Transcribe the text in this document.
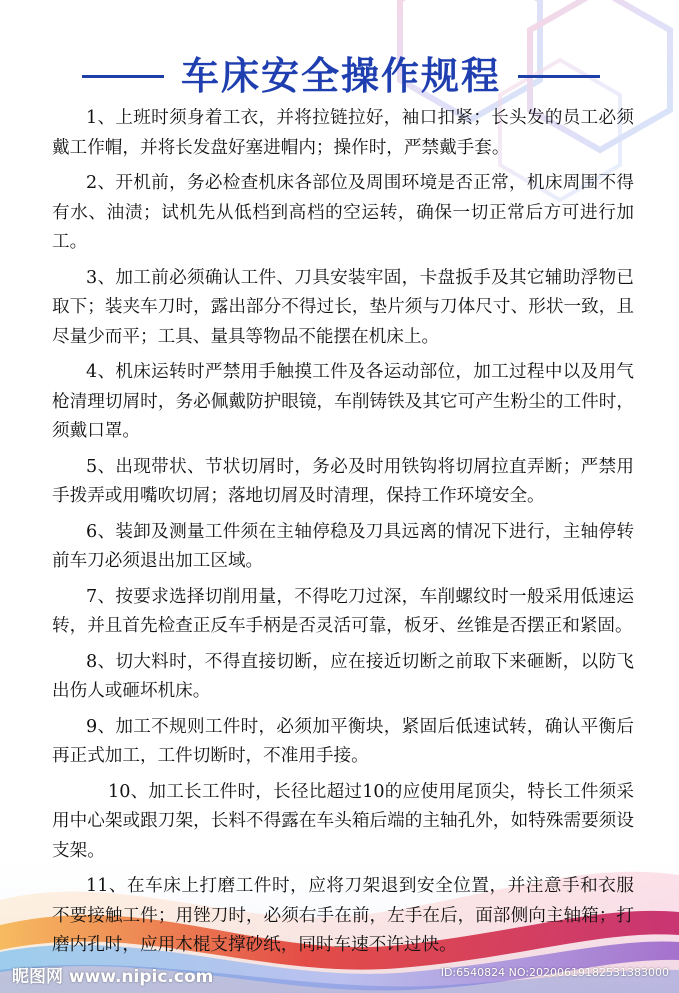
车床安全操作规程

1、上班时须身着工衣，并将拉链拉好，袖口扣紧；长头发的员工必须戴工作帽，并将长发盘好塞进帽内；操作时，严禁戴手套。

2、开机前，务必检查机床各部位及周围环境是否正常，机床周围不得有水、油渍；试机先从低档到高档的空运转，确保一切正常后方可进行加工。

3、加工前必须确认工件、刀具安装牢固，卡盘扳手及其它辅助浮物已取下；装夹车刀时，露出部分不得过长，垫片须与刀体尺寸、形状一致，且尽量少而平；工具、量具等物品不能摆在机床上。

4、机床运转时严禁用手触摸工件及各运动部位，加工过程中以及用气枪清理切屑时，务必佩戴防护眼镜，车削铸铁及其它可产生粉尘的工件时，须戴口罩。

5、出现带状、节状切屑时，务必及时用铁钩将切屑拉直弄断；严禁用手拨弄或用嘴吹切屑；落地切屑及时清理，保持工作环境安全。

6、装卸及测量工件须在主轴停稳及刀具远离的情况下进行，主轴停转前车刀必须退出加工区域。

7、按要求选择切削用量，不得吃刀过深，车削螺纹时一般采用低速运转，并且首先检查正反车手柄是否灵活可靠，板牙、丝锥是否摆正和紧固。

8、切大料时，不得直接切断，应在接近切断之前取下来砸断，以防飞出伤人或砸坏机床。

9、加工不规则工件时，必须加平衡块，紧固后低速试转，确认平衡后再正式加工，工件切断时，不准用手接。

10、加工长工件时，长径比超过10的应使用尾顶尖，特长工件须采用中心架或跟刀架，长料不得露在车头箱后端的主轴孔外，如特殊需要须设支架。

11、在车床上打磨工件时，应将刀架退到安全位置，并注意手和衣服不要接触工件；用锉刀时，必须右手在前，左手在后，面部侧向主轴箱；打磨内孔时，应用木棍支撑砂纸，同时车速不许过快。

昵图网 www.nipic.com	ID:6540824 NO:20200619182531383000
